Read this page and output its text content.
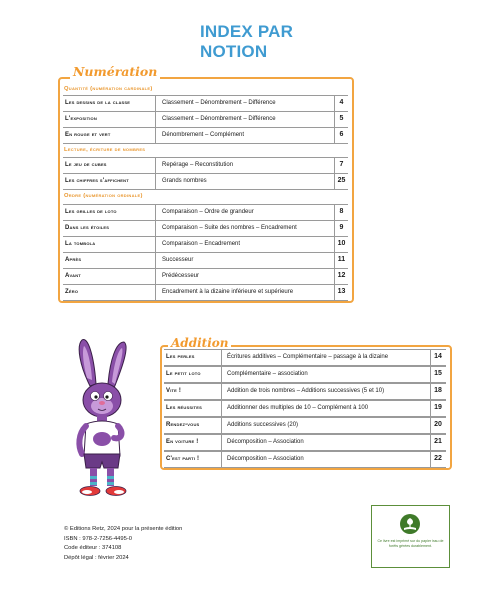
INDEX PAR NOTION
Numération
Quantité (numération cardinale)
Les dessins de la classe	Classement – Dénombrement – Différence	4
L'exposition	Classement – Dénombrement – Différence	5
En rouge et vert	Dénombrement – Complément	6
Lecture, écriture de nombres
Le jeu de cubes	Repérage – Reconstitution	7
Les chiffres s'affichent	Grands nombres	25
Ordre (numération ordinale)
Les grilles de loto	Comparaison – Ordre de grandeur	8
Dans les étoiles	Comparaison – Suite des nombres – Encadrement	9
La tombola	Comparaison – Encadrement	10
Après	Successeur	11
Avant	Prédécesseur	12
Zéro	Encadrement à la dizaine inférieure et supérieure	13
Addition
Les perles	Écritures additives – Complémentaire – passage à la dizaine	14
Le petit loto	Complémentaire – association	15
Vite !	Addition de trois nombres – Additions successives (5 et 10)	18
Les réussites	Additionner des multiples de 10 – Complément à 100	19
Rendez-vous	Additions successives (20)	20
En voiture !	Décomposition – Association	21
C'est parti !	Décomposition – Association	22
© Editions Retz, 2024 pour la présente édition
ISBN : 978-2-7256-4495-0
Code éditeur : 374108
Dépôt légal : février 2024
Ce livre est imprimé sur du papier issu de forêts gérées durablement.
